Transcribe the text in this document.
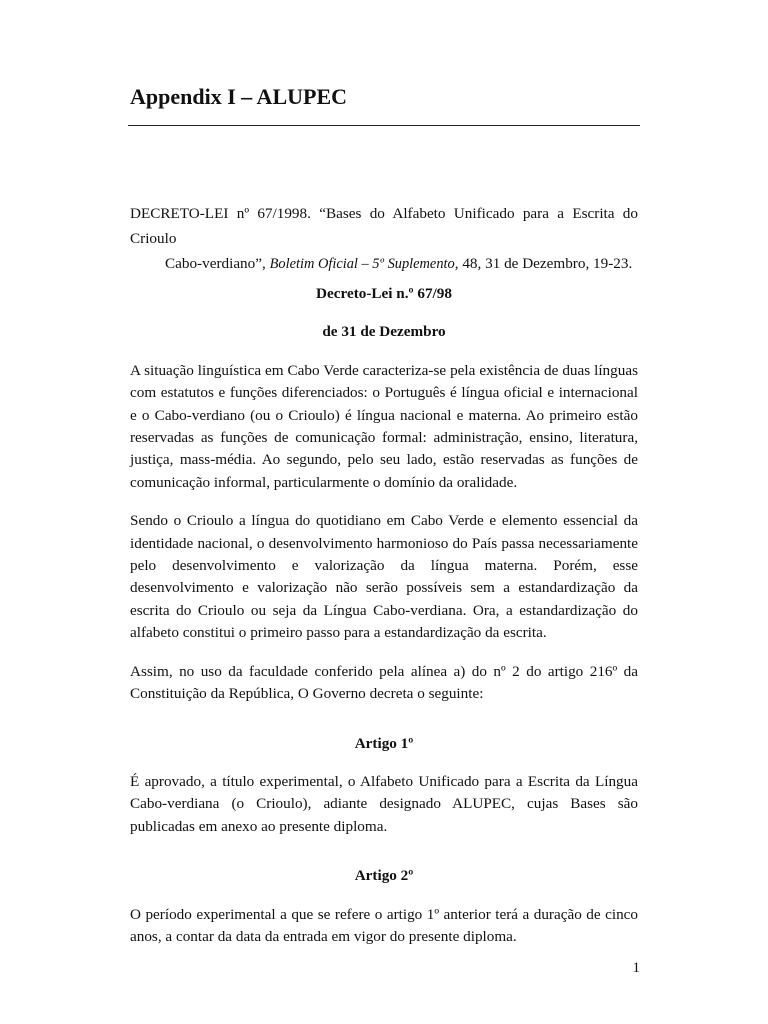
Appendix I – ALUPEC
DECRETO-LEI nº 67/1998. “Bases do Alfabeto Unificado para a Escrita do Crioulo
Cabo-verdiano”, Boletim Oficial – 5º Suplemento, 48, 31 de Dezembro, 19-23.

Decreto-Lei n.º 67/98

de 31 de Dezembro

A situação linguística em Cabo Verde caracteriza-se pela existência de duas línguas com estatutos e funções diferenciados: o Português é língua oficial e internacional e o Cabo-verdiano (ou o Crioulo) é língua nacional e materna. Ao primeiro estão reservadas as funções de comunicação formal: administração, ensino, literatura, justiça, mass-média. Ao segundo, pelo seu lado, estão reservadas as funções de comunicação informal, particularmente o domínio da oralidade.

Sendo o Crioulo a língua do quotidiano em Cabo Verde e elemento essencial da identidade nacional, o desenvolvimento harmonioso do País passa necessariamente pelo desenvolvimento e valorização da língua materna. Porém, esse desenvolvimento e valorização não serão possíveis sem a estandardização da escrita do Crioulo ou seja da Língua Cabo-verdiana. Ora, a estandardização do alfabeto constitui o primeiro passo para a estandardização da escrita.

Assim, no uso da faculdade conferido pela alínea a) do nº 2 do artigo 216º da Constituição da República, O Governo decreta o seguinte:

Artigo 1º

É aprovado, a título experimental, o Alfabeto Unificado para a Escrita da Língua Cabo-verdiana (o Crioulo), adiante designado ALUPEC, cujas Bases são publicadas em anexo ao presente diploma.

Artigo 2º

O período experimental a que se refere o artigo 1º anterior terá a duração de cinco anos, a contar da data da entrada em vigor do presente diploma.

1
